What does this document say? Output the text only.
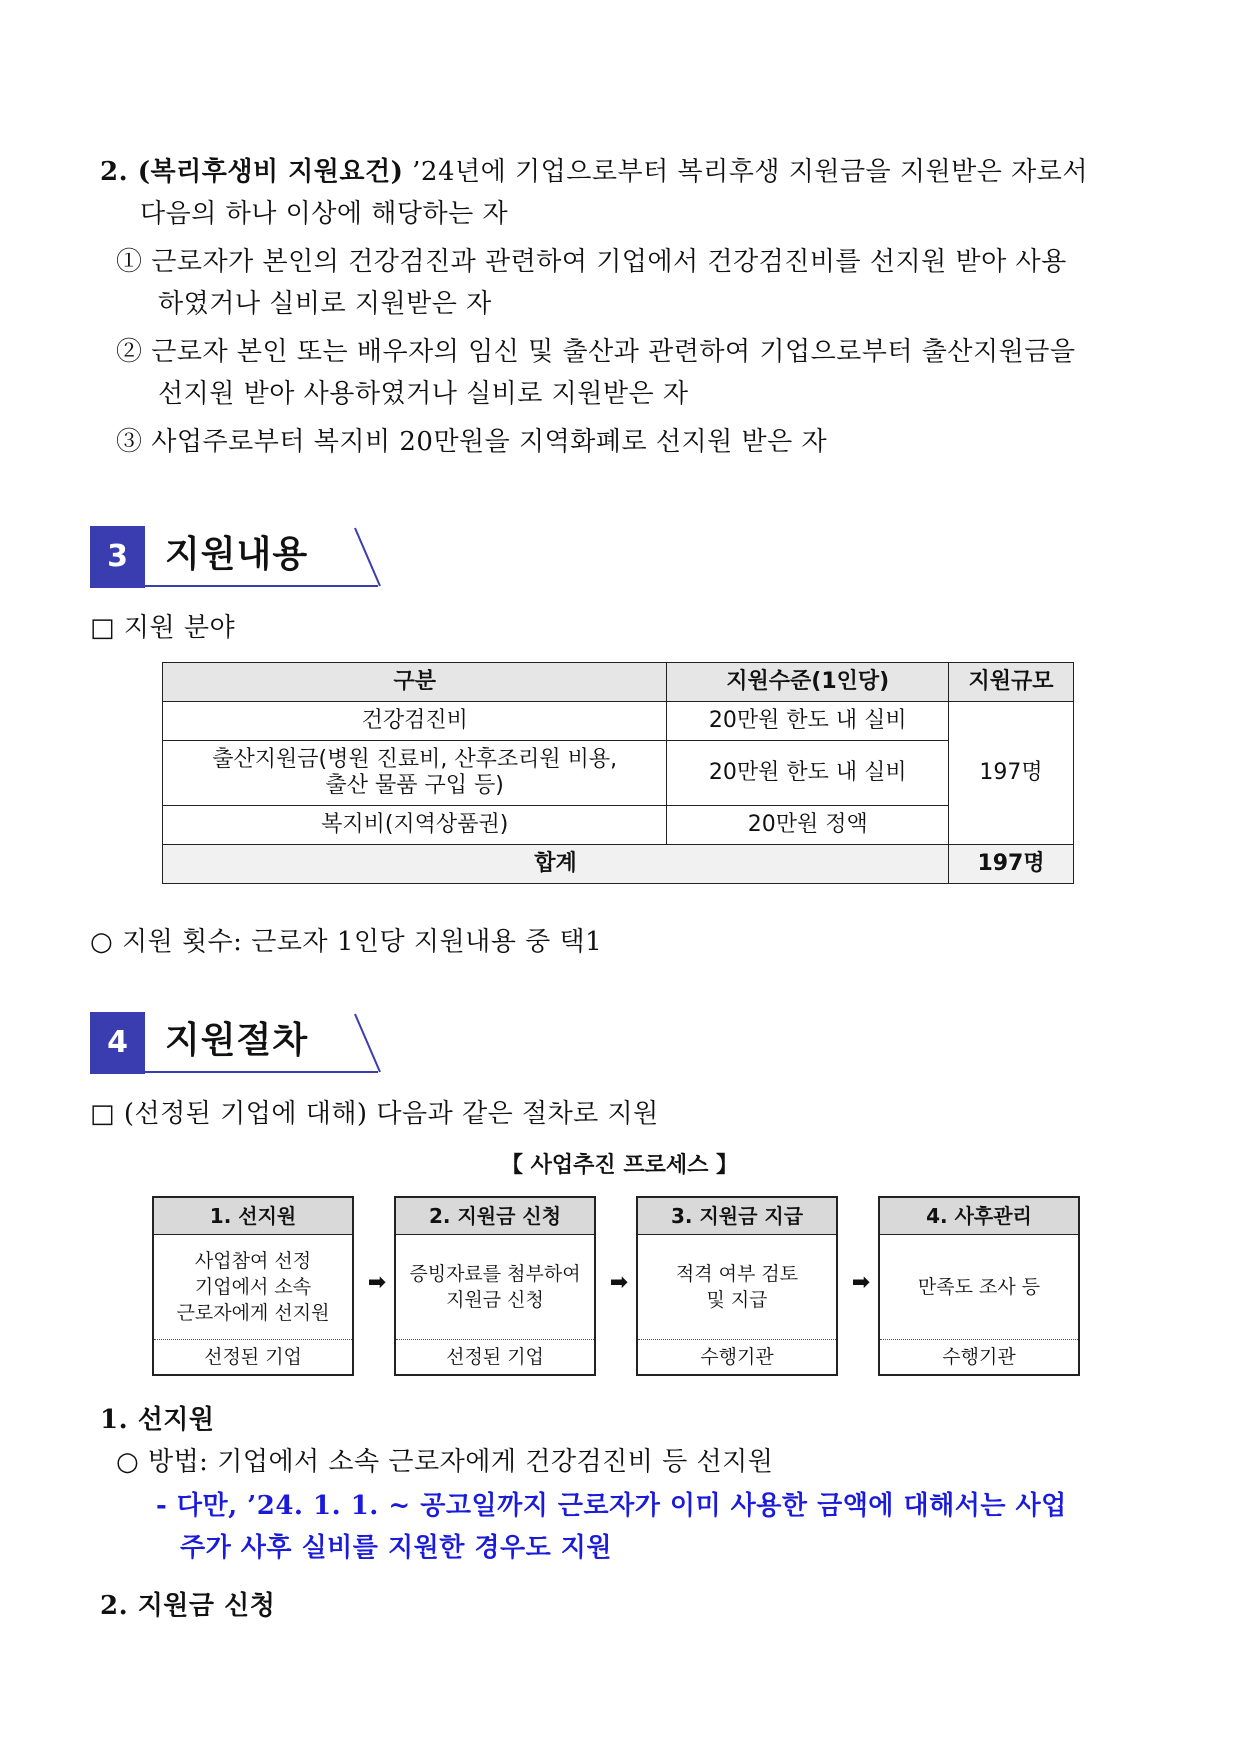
2. (복리후생비 지원요건) ’24년에 기업으로부터 복리후생 지원금을 지원받은 자로서
다음의 하나 이상에 해당하는 자
① 근로자가 본인의 건강검진과 관련하여 기업에서 건강검진비를 선지원 받아 사용
하였거나 실비로 지원받은 자
② 근로자 본인 또는 배우자의 임신 및 출산과 관련하여 기업으로부터 출산지원금을
선지원 받아 사용하였거나 실비로 지원받은 자
③ 사업주로부터 복지비 20만원을 지역화폐로 선지원 받은 자
3	지원내용
□ 지원 분야
구분	지원수준(1인당)	지원규모
건강검진비	20만원 한도 내 실비	197명

출산지원금(병원 진료비, 산후조리원 비용,
출산 물품 구입 등)	20만원 한도 내 실비	
복지비(지역상품권)	20만원 정액	
합계		197명
○ 지원 횟수: 근로자 1인당 지원내용 중 택1
4	지원절차
□ (선정된 기업에 대해) 다음과 같은 절차로 지원
【 사업추진 프로세스 】
1. 선지원
사업참여 선정
기업에서 소속
근로자에게 선지원
선정된 기업
➡
2. 지원금 신청
증빙자료를 첨부하여
지원금 신청
선정된 기업
➡
3. 지원금 지급
적격 여부 검토
및 지급
수행기관
➡
4. 사후관리
만족도 조사 등
수행기관
1. 선지원
○ 방법: 기업에서 소속 근로자에게 건강검진비 등 선지원
- 다만, ’24. 1. 1. ~ 공고일까지 근로자가 이미 사용한 금액에 대해서는 사업
주가 사후 실비를 지원한 경우도 지원
2. 지원금 신청
